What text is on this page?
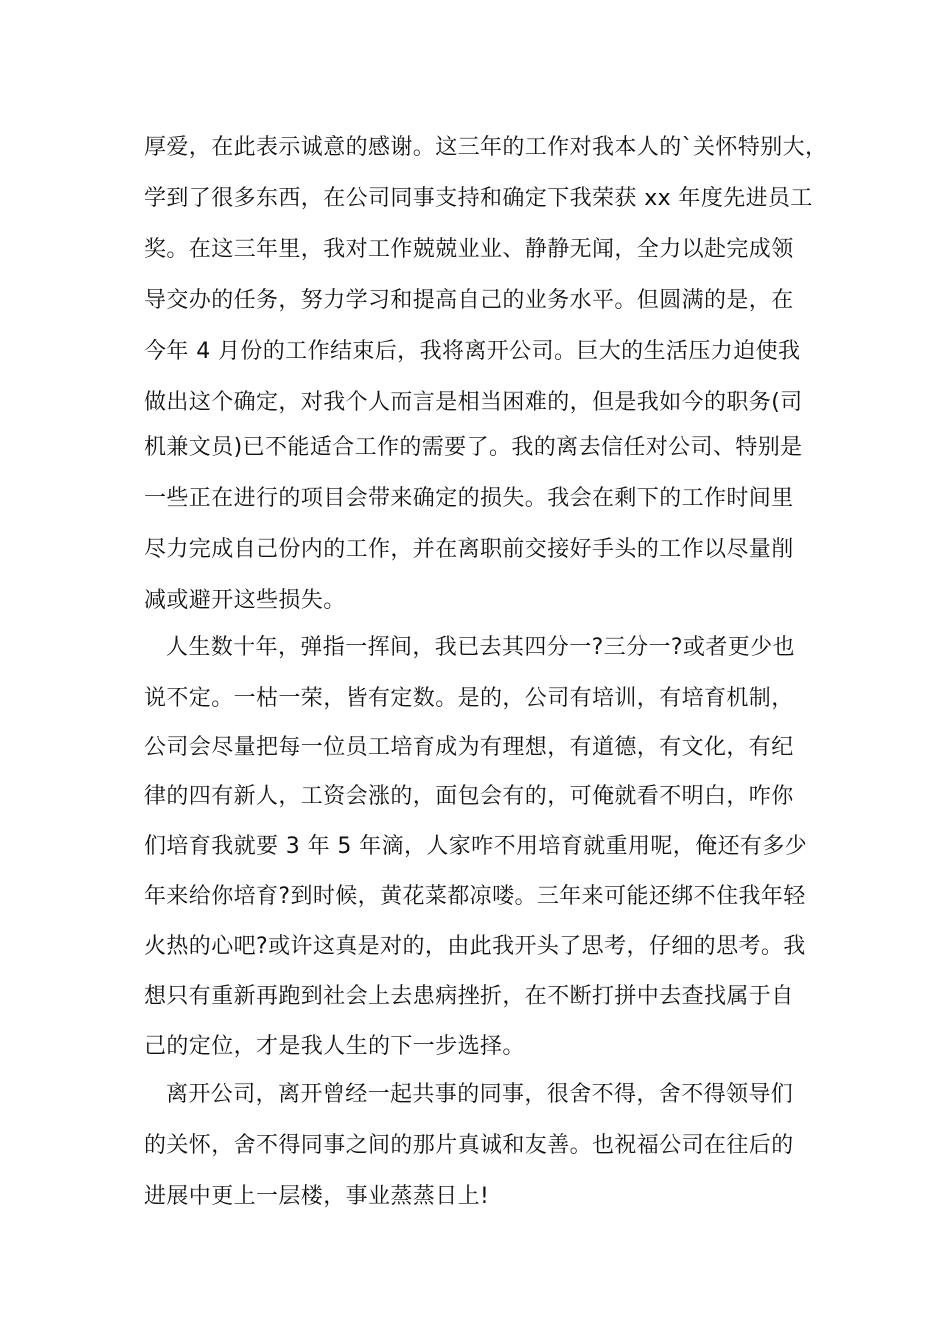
厚爱，在此表示诚意的感谢。这三年的工作对我本人的`关怀特别大，
学到了很多东西，在公司同事支持和确定下我荣获 xx 年度先进员工
奖。在这三年里，我对工作兢兢业业、静静无闻，全力以赴完成领
导交办的任务，努力学习和提高自己的业务水平。但圆满的是，在
今年 4 月份的工作结束后，我将离开公司。巨大的生活压力迫使我
做出这个确定，对我个人而言是相当困难的，但是我如今的职务(司
机兼文员)已不能适合工作的需要了。我的离去信任对公司、特别是
一些正在进行的项目会带来确定的损失。我会在剩下的工作时间里
尽力完成自己份内的工作，并在离职前交接好手头的工作以尽量削
减或避开这些损失。
人生数十年，弹指一挥间，我已去其四分一?三分一?或者更少也
说不定。一枯一荣，皆有定数。是的，公司有培训，有培育机制，
公司会尽量把每一位员工培育成为有理想，有道德，有文化，有纪
律的四有新人，工资会涨的，面包会有的，可俺就看不明白，咋你
们培育我就要 3 年 5 年滴，人家咋不用培育就重用呢，俺还有多少
年来给你培育?到时候，黄花菜都凉喽。三年来可能还绑不住我年轻
火热的心吧?或许这真是对的，由此我开头了思考，仔细的思考。我
想只有重新再跑到社会上去患病挫折，在不断打拼中去查找属于自
己的定位，才是我人生的下一步选择。
离开公司，离开曾经一起共事的同事，很舍不得，舍不得领导们
的关怀，舍不得同事之间的那片真诚和友善。也祝福公司在往后的
进展中更上一层楼，事业蒸蒸日上!
